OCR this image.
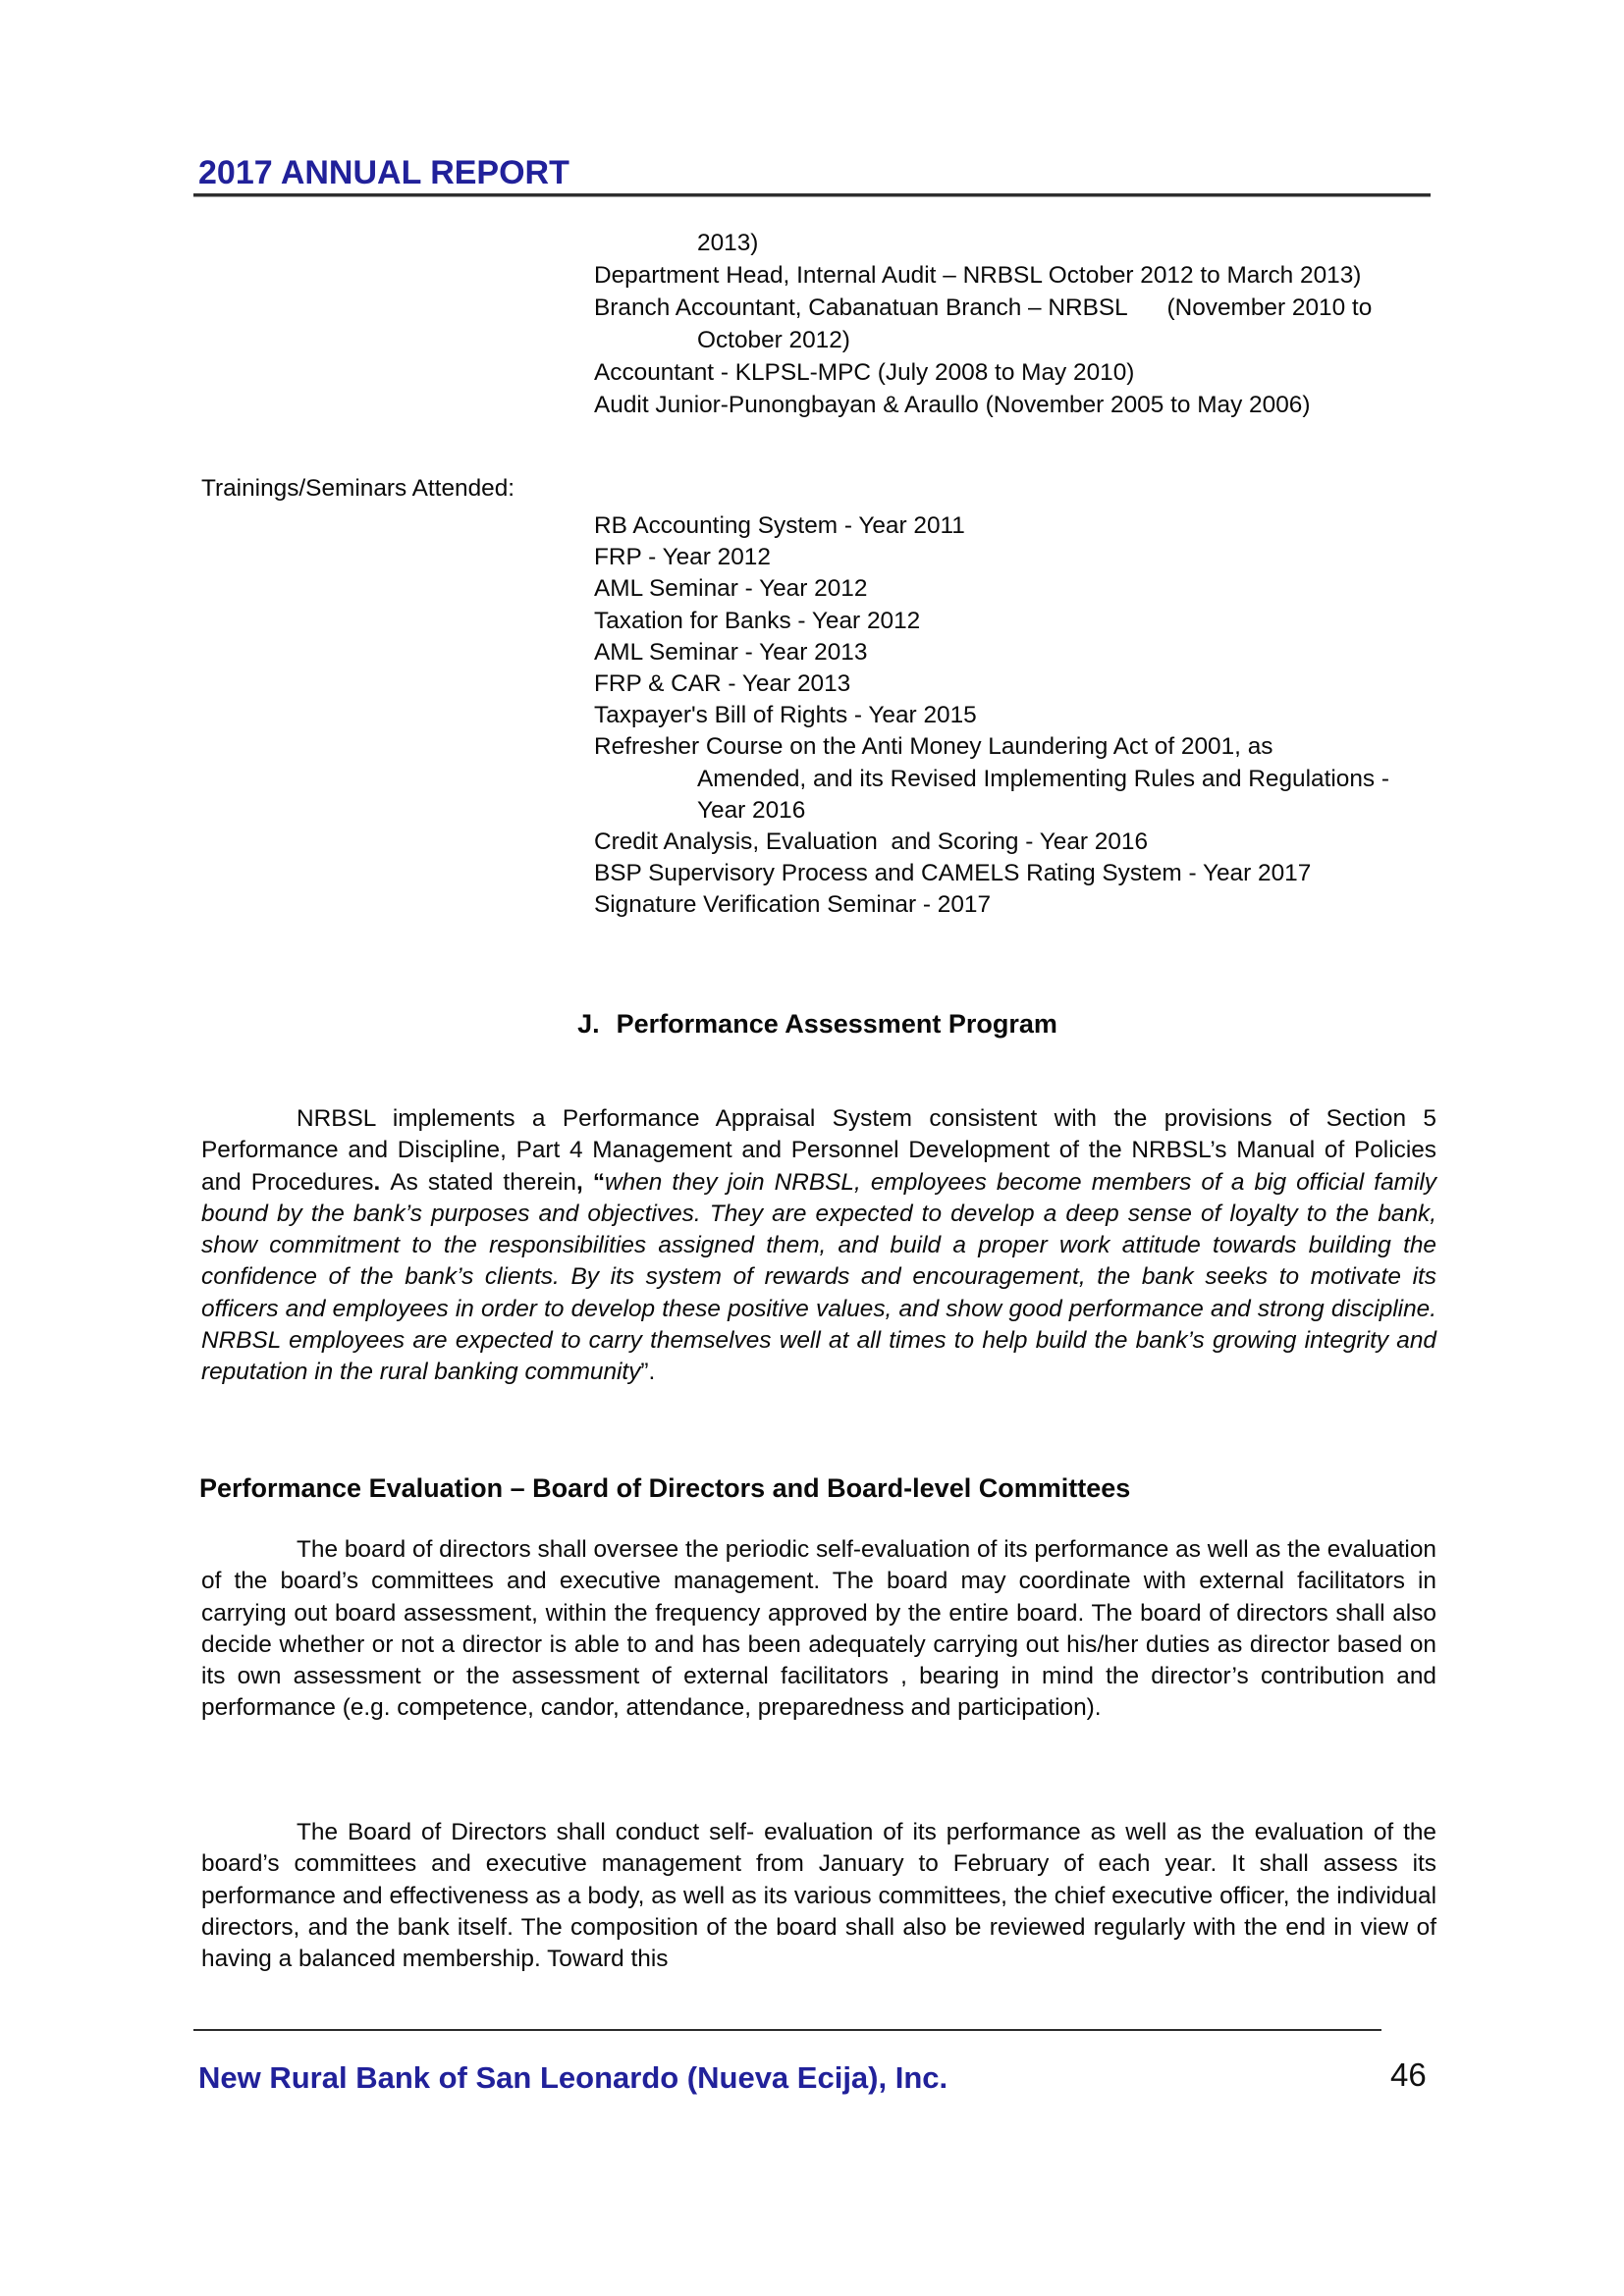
2017 ANNUAL REPORT
2013)
Department Head, Internal Audit – NRBSL October 2012 to March 2013)
Branch Accountant, Cabanatuan Branch – NRBSL      (November 2010 to
October 2012)
Accountant - KLPSL-MPC (July 2008 to May 2010)
Audit Junior-Punongbayan & Araullo (November 2005 to May 2006)
Trainings/Seminars Attended:
RB Accounting System - Year 2011
FRP - Year 2012
AML Seminar - Year 2012
Taxation for Banks - Year 2012
AML Seminar - Year 2013
FRP & CAR - Year 2013
Taxpayer's Bill of Rights - Year 2015
Refresher Course on the Anti Money Laundering Act of 2001, as
Amended, and its Revised Implementing Rules and Regulations -
Year 2016
Credit Analysis, Evaluation  and Scoring - Year 2016
BSP Supervisory Process and CAMELS Rating System - Year 2017
Signature Verification Seminar - 2017
J. Performance Assessment Program
NRBSL implements a Performance Appraisal System consistent with the provisions of Section 5 Performance and Discipline, Part 4 Management and Personnel Development of the NRBSL’s Manual of Policies and Procedures. As stated therein, “when they join NRBSL, employees become members of a big official family bound by the bank’s purposes and objectives. They are expected to develop a deep sense of loyalty to the bank, show commitment to the responsibilities assigned them, and build a proper work attitude towards building the confidence of the bank’s clients. By its system of rewards and encouragement, the bank seeks to motivate its officers and employees in order to develop these positive values, and show good performance and strong discipline. NRBSL employees are expected to carry themselves well at all times to help build the bank’s growing integrity and reputation in the rural banking community”.
Performance Evaluation – Board of Directors and Board-level Committees
The board of directors shall oversee the periodic self-evaluation of its performance as well as the evaluation of the board’s committees and executive management. The board may coordinate with external facilitators in carrying out board assessment, within the frequency approved by the entire board. The board of directors shall also decide whether or not a director is able to and has been adequately carrying out his/her duties as director based on its own assessment or the assessment of external facilitators , bearing in mind the director’s contribution and performance (e.g. competence, candor, attendance, preparedness and participation).
The Board of Directors shall conduct self- evaluation of its performance as well as the evaluation of the board’s committees and executive management from January to February of each year. It shall assess its performance and effectiveness as a body, as well as its various committees, the chief executive officer, the individual directors, and the bank itself. The composition of the board shall also be reviewed regularly with the end in view of having a balanced membership. Toward this
New Rural Bank of San Leonardo (Nueva Ecija), Inc.	46
